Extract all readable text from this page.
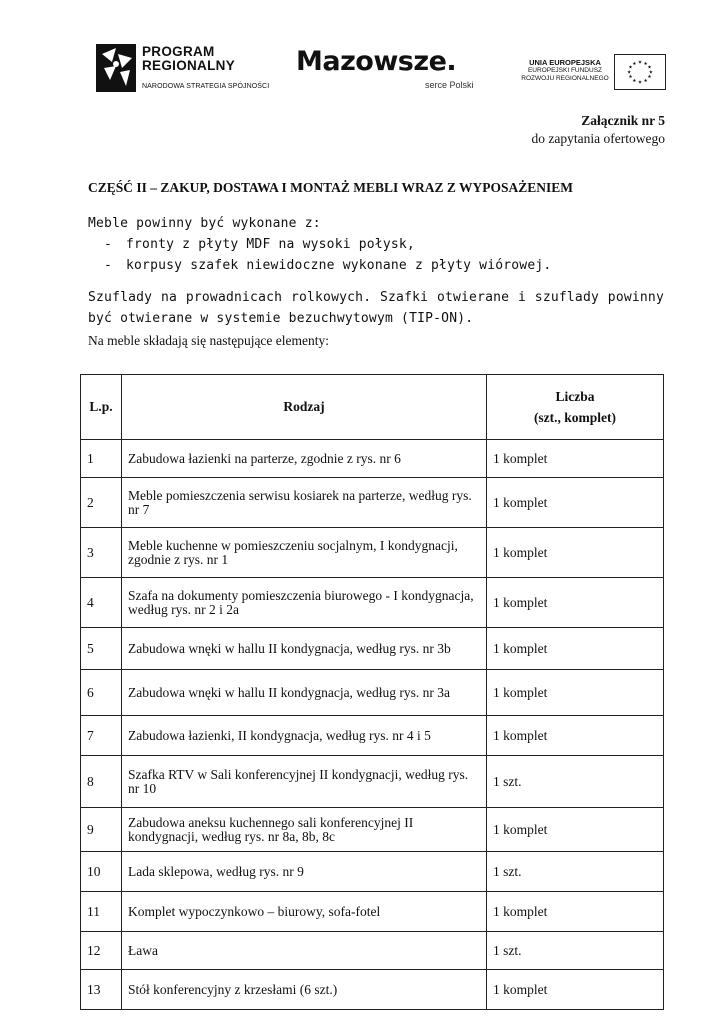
PROGRAM
REGIONALNY
NARODOWA STRATEGIA SPÓJNOŚCI
Mazowsze.
serce Polski
UNIA EUROPEJSKA
EUROPEJSKI FUNDUSZ
ROZWOJU REGIONALNEGO
★ ★
★
★
★
★
★
★
★
★
★
★
Załącznik nr 5
do zapytania ofertowego
CZĘŚĆ II – ZAKUP, DOSTAWA I MONTAŻ MEBLI WRAZ Z WYPOSAŻENIEM
Meble powinny być wykonane z:
- fronty z płyty MDF na wysoki połysk,
- korpusy szafek niewidoczne wykonane z płyty wiórowej.
Szuflady na prowadnicach rolkowych. Szafki otwierane i szuflady powinny być otwierane w systemie bezuchwytowym (TIP-ON).
Na meble składają się następujące elementy:
L.p.	Rodzaj	Liczba
(szt., komplet)

1	Zabudowa łazienki na parterze, zgodnie z rys. nr 6	1 komplet
2	Meble pomieszczenia serwisu kosiarek na parterze, według rys. nr 7	1 komplet
3	Meble kuchenne w pomieszczeniu socjalnym, I kondygnacji, zgodnie z rys. nr 1	1 komplet
4	Szafa na dokumenty pomieszczenia biurowego - I kondygnacja, według rys. nr 2 i 2a	1 komplet
5	Zabudowa wnęki w hallu II kondygnacja, według rys. nr 3b	1 komplet
6	Zabudowa wnęki w hallu II kondygnacja, według rys. nr 3a	1 komplet
7	Zabudowa łazienki, II kondygnacja, według rys. nr 4 i 5	1 komplet
8	Szafka RTV w Sali konferencyjnej II kondygnacji, według rys. nr 10	1 szt.
9	Zabudowa aneksu kuchennego sali konferencyjnej II kondygnacji, według rys. nr 8a, 8b, 8c	1 komplet
10	Lada sklepowa, według rys. nr 9	1 szt.
11	Komplet wypoczynkowo – biurowy, sofa-fotel	1 komplet
12	Ława	1 szt.
13	Stół konferencyjny z krzesłami (6 szt.)	1 komplet
